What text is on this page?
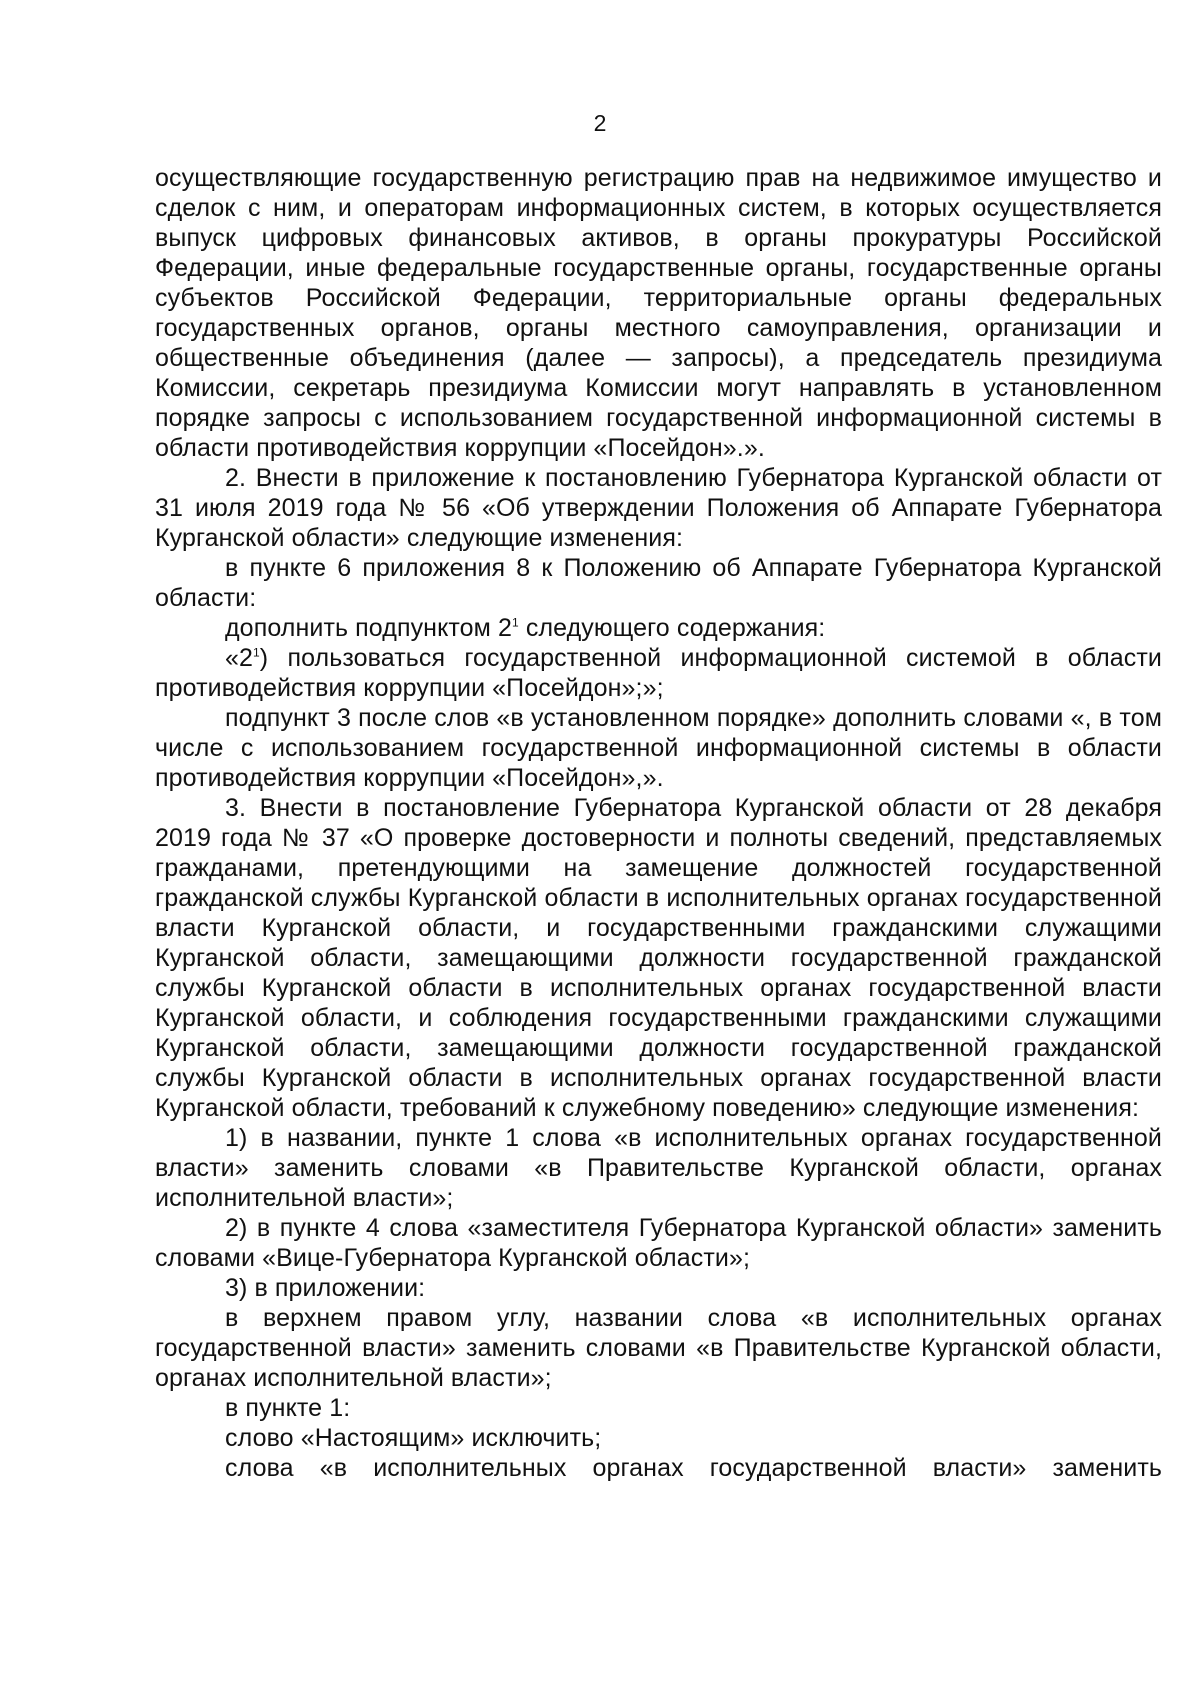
2

осуществляющие государственную регистрацию прав на недвижимое имущество и сделок с ним, и операторам информационных систем, в которых осуществляется выпуск цифровых финансовых активов, в органы прокуратуры Российской Федерации, иные федеральные государственные органы, государственные органы субъектов Российской Федерации, территориальные органы федеральных государственных органов, органы местного самоуправления, организации и общественные объединения (далее — запросы), а председатель президиума Комиссии, секретарь президиума Комиссии могут направлять в установленном порядке запросы с использованием государственной информационной системы в области противодействия коррупции «Посейдон».».

2. Внести в приложение к постановлению Губернатора Курганской области от 31 июля 2019 года № 56 «Об утверждении Положения об Аппарате Губернатора Курганской области» следующие изменения:

в пункте 6 приложения 8 к Положению об Аппарате Губернатора Курганской области:

дополнить подпунктом $2^1$ следующего содержания:

«$2^1$) пользоваться государственной информационной системой в области противодействия коррупции «Посейдон»;»;

подпункт 3 после слов «в установленном порядке» дополнить словами «, в том числе с использованием государственной информационной системы в области противодействия коррупции «Посейдон»,».

3. Внести в постановление Губернатора Курганской области от 28 декабря 2019 года № 37 «О проверке достоверности и полноты сведений, представляемых гражданами, претендующими на замещение должностей государственной гражданской службы Курганской области в исполнительных органах государственной власти Курганской области, и государственными гражданскими служащими Курганской области, замещающими должности государственной гражданской службы Курганской области в исполнительных органах государственной власти Курганской области, и соблюдения государственными гражданскими служащими Курганской области, замещающими должности государственной гражданской службы Курганской области в исполнительных органах государственной власти Курганской области, требований к служебному поведению» следующие изменения:

1) в названии, пункте 1 слова «в исполнительных органах государственной власти» заменить словами «в Правительстве Курганской области, органах исполнительной власти»;

2) в пункте 4 слова «заместителя Губернатора Курганской области» заменить словами «Вице-Губернатора Курганской области»;

3) в приложении:

в верхнем правом углу, названии слова «в исполнительных органах государственной власти» заменить словами «в Правительстве Курганской области, органах исполнительной власти»;

в пункте 1:

слово «Настоящим» исключить;

слова «в исполнительных органах государственной власти» заменить
